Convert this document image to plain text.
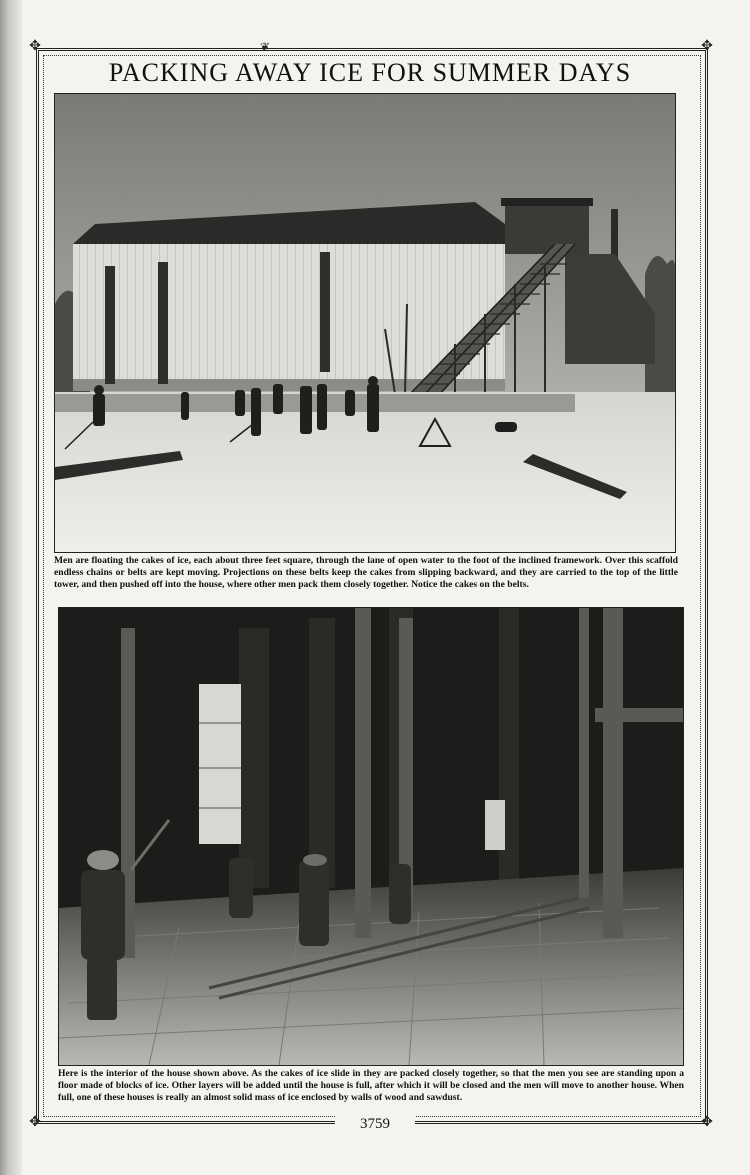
✥	✥
✥	✥
❦
PACKING AWAY ICE FOR SUMMER DAYS
Men are floating the cakes of ice, each about three feet square, through the lane of open water to the foot of the inclined framework. Over this scaffold endless chains or belts are kept moving. Projections on these belts keep the cakes from slipping backward, and they are carried to the top of the little tower, and then pushed off into the house, where other men pack them closely together. Notice the cakes on the belts.
Here is the interior of the house shown above. As the cakes of ice slide in they are packed closely together, so that the men you see are standing upon a floor made of blocks of ice. Other layers will be added until the house is full, after which it will be closed and the men will move to another house. When full, one of these houses is really an almost solid mass of ice enclosed by walls of wood and sawdust.
3759
